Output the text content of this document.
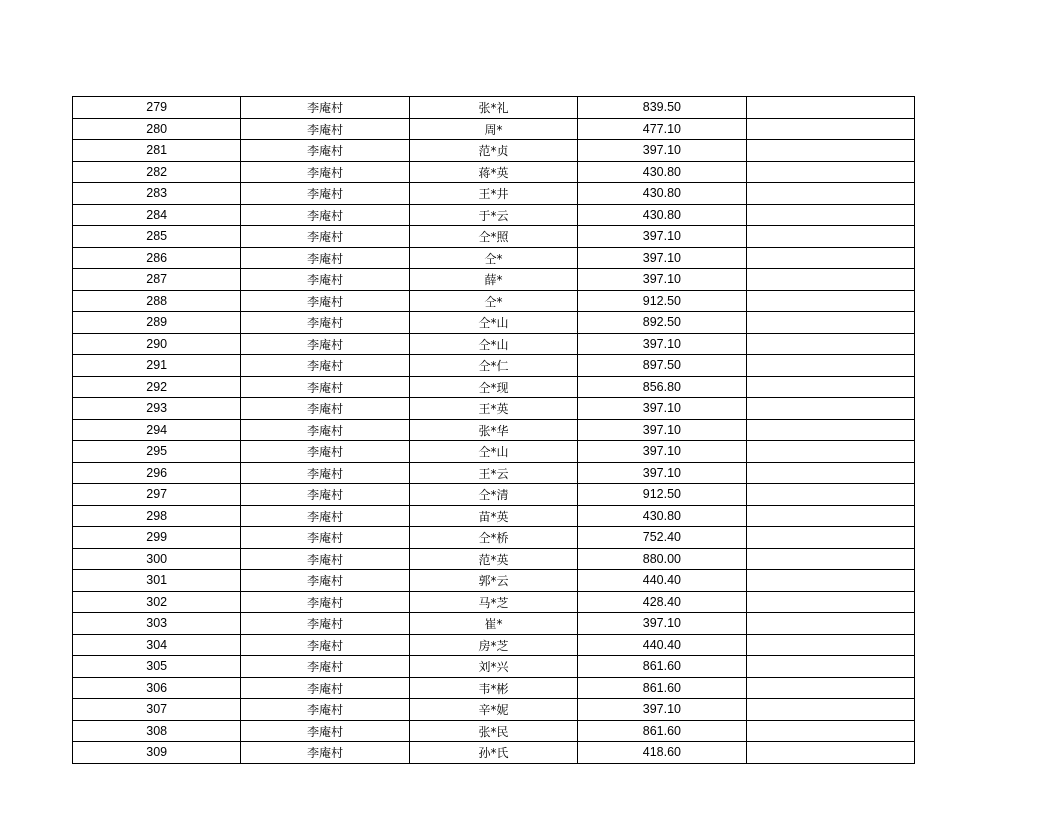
279	李庵村	张*礼	839.50	
280	李庵村	周*	477.10	
281	李庵村	范*贞	397.10	
282	李庵村	蒋*英	430.80	
283	李庵村	王*井	430.80	
284	李庵村	于*云	430.80	
285	李庵村	仝*照	397.10	
286	李庵村	仝*	397.10	
287	李庵村	薛*	397.10	
288	李庵村	仝*	912.50	
289	李庵村	仝*山	892.50	
290	李庵村	仝*山	397.10	
291	李庵村	仝*仁	897.50	
292	李庵村	仝*现	856.80	
293	李庵村	王*英	397.10	
294	李庵村	张*华	397.10	
295	李庵村	仝*山	397.10	
296	李庵村	王*云	397.10	
297	李庵村	仝*清	912.50	
298	李庵村	苗*英	430.80	
299	李庵村	仝*桥	752.40	
300	李庵村	范*英	880.00	
301	李庵村	郭*云	440.40	
302	李庵村	马*芝	428.40	
303	李庵村	崔*	397.10	
304	李庵村	房*芝	440.40	
305	李庵村	刘*兴	861.60	
306	李庵村	韦*彬	861.60	
307	李庵村	辛*妮	397.10	
308	李庵村	张*民	861.60	
309	李庵村	孙*氏	418.60	
